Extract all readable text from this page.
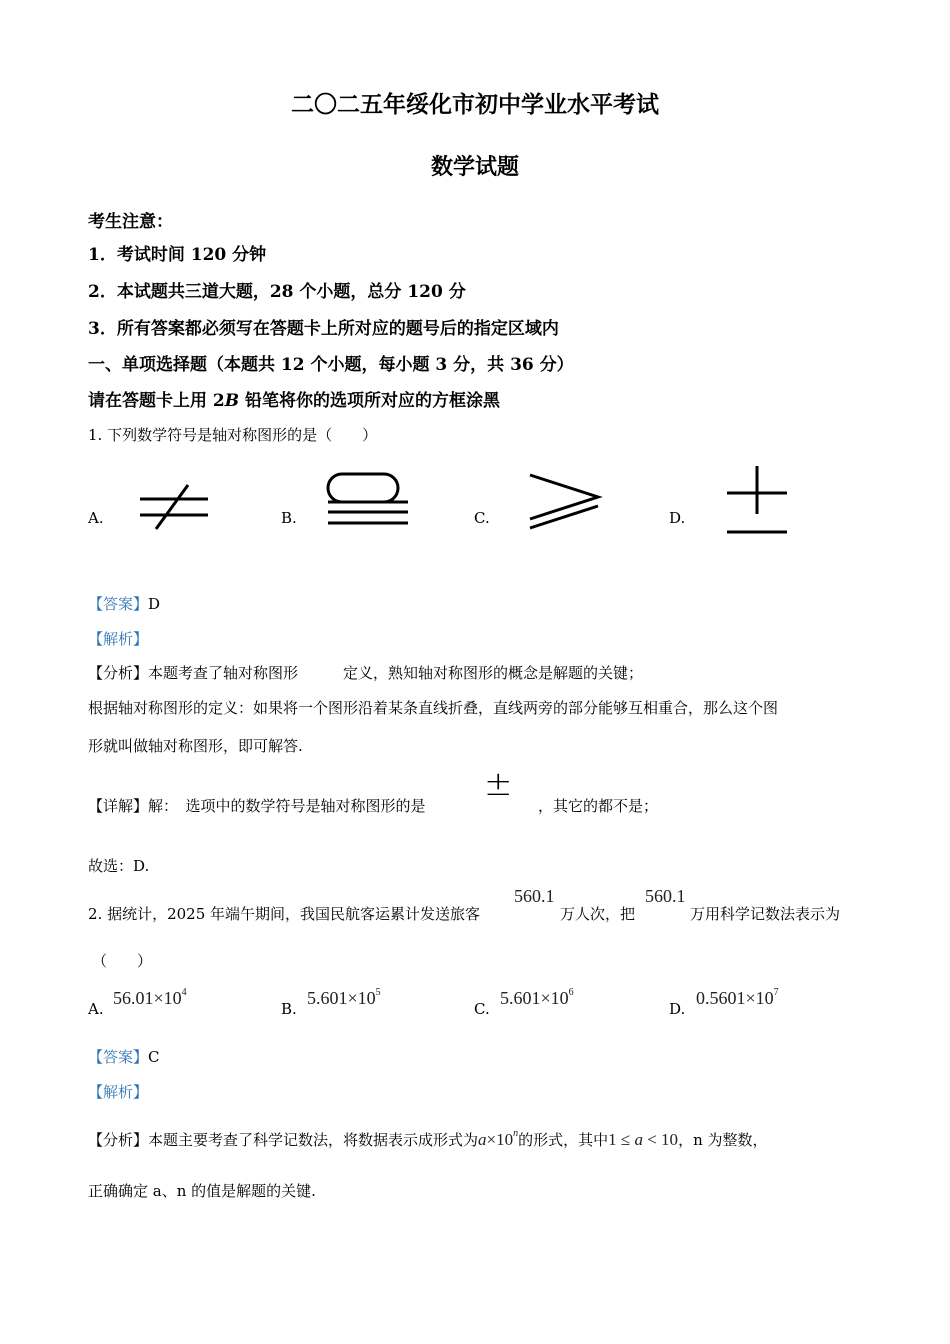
二〇二五年绥化市初中学业水平考试
数学试题
考生注意：
1．考试时间 120 分钟
2．本试题共三道大题，28 个小题，总分 120 分
3．所有答案都必须写在答题卡上所对应的题号后的指定区域内
一、单项选择题（本题共 12 个小题，每小题 3 分，共 36 分）
请在答题卡上用 2B 铅笔将你的选项所对应的方框涂黑
1. 下列数学符号是轴对称图形的是（　　）
A.	B.	C.	D.
【答案】D
【解析】
【分析】本题考查了轴对称图形　　　定义，熟知轴对称图形的概念是解题的关键；
根据轴对称图形的定义：如果将一个图形沿着某条直线折叠，直线两旁的部分能够互相重合，那么这个图
形就叫做轴对称图形，即可解答.
【详解】解：　选项中的数学符号是轴对称图形的是
±
，其它的都不是；
故选：D.
2. 据统计，2025 年端午期间，我国民航客运累计发送旅客
560.1
万人次，把
560.1
万用科学记数法表示为
（　　）
A.
$56.01\times 10^4$
B.
$5.601\times 10^5$
C.
$5.601\times 10^6$
D.
$0.5601\times 10^7$
【答案】C
【解析】
【分析】本题主要考查了科学记数法，将数据表示成形式为$a\times 10^n$的形式，其中1 ≤ a < 10，n 为整数，
正确确定 a、n 的值是解题的关键.
